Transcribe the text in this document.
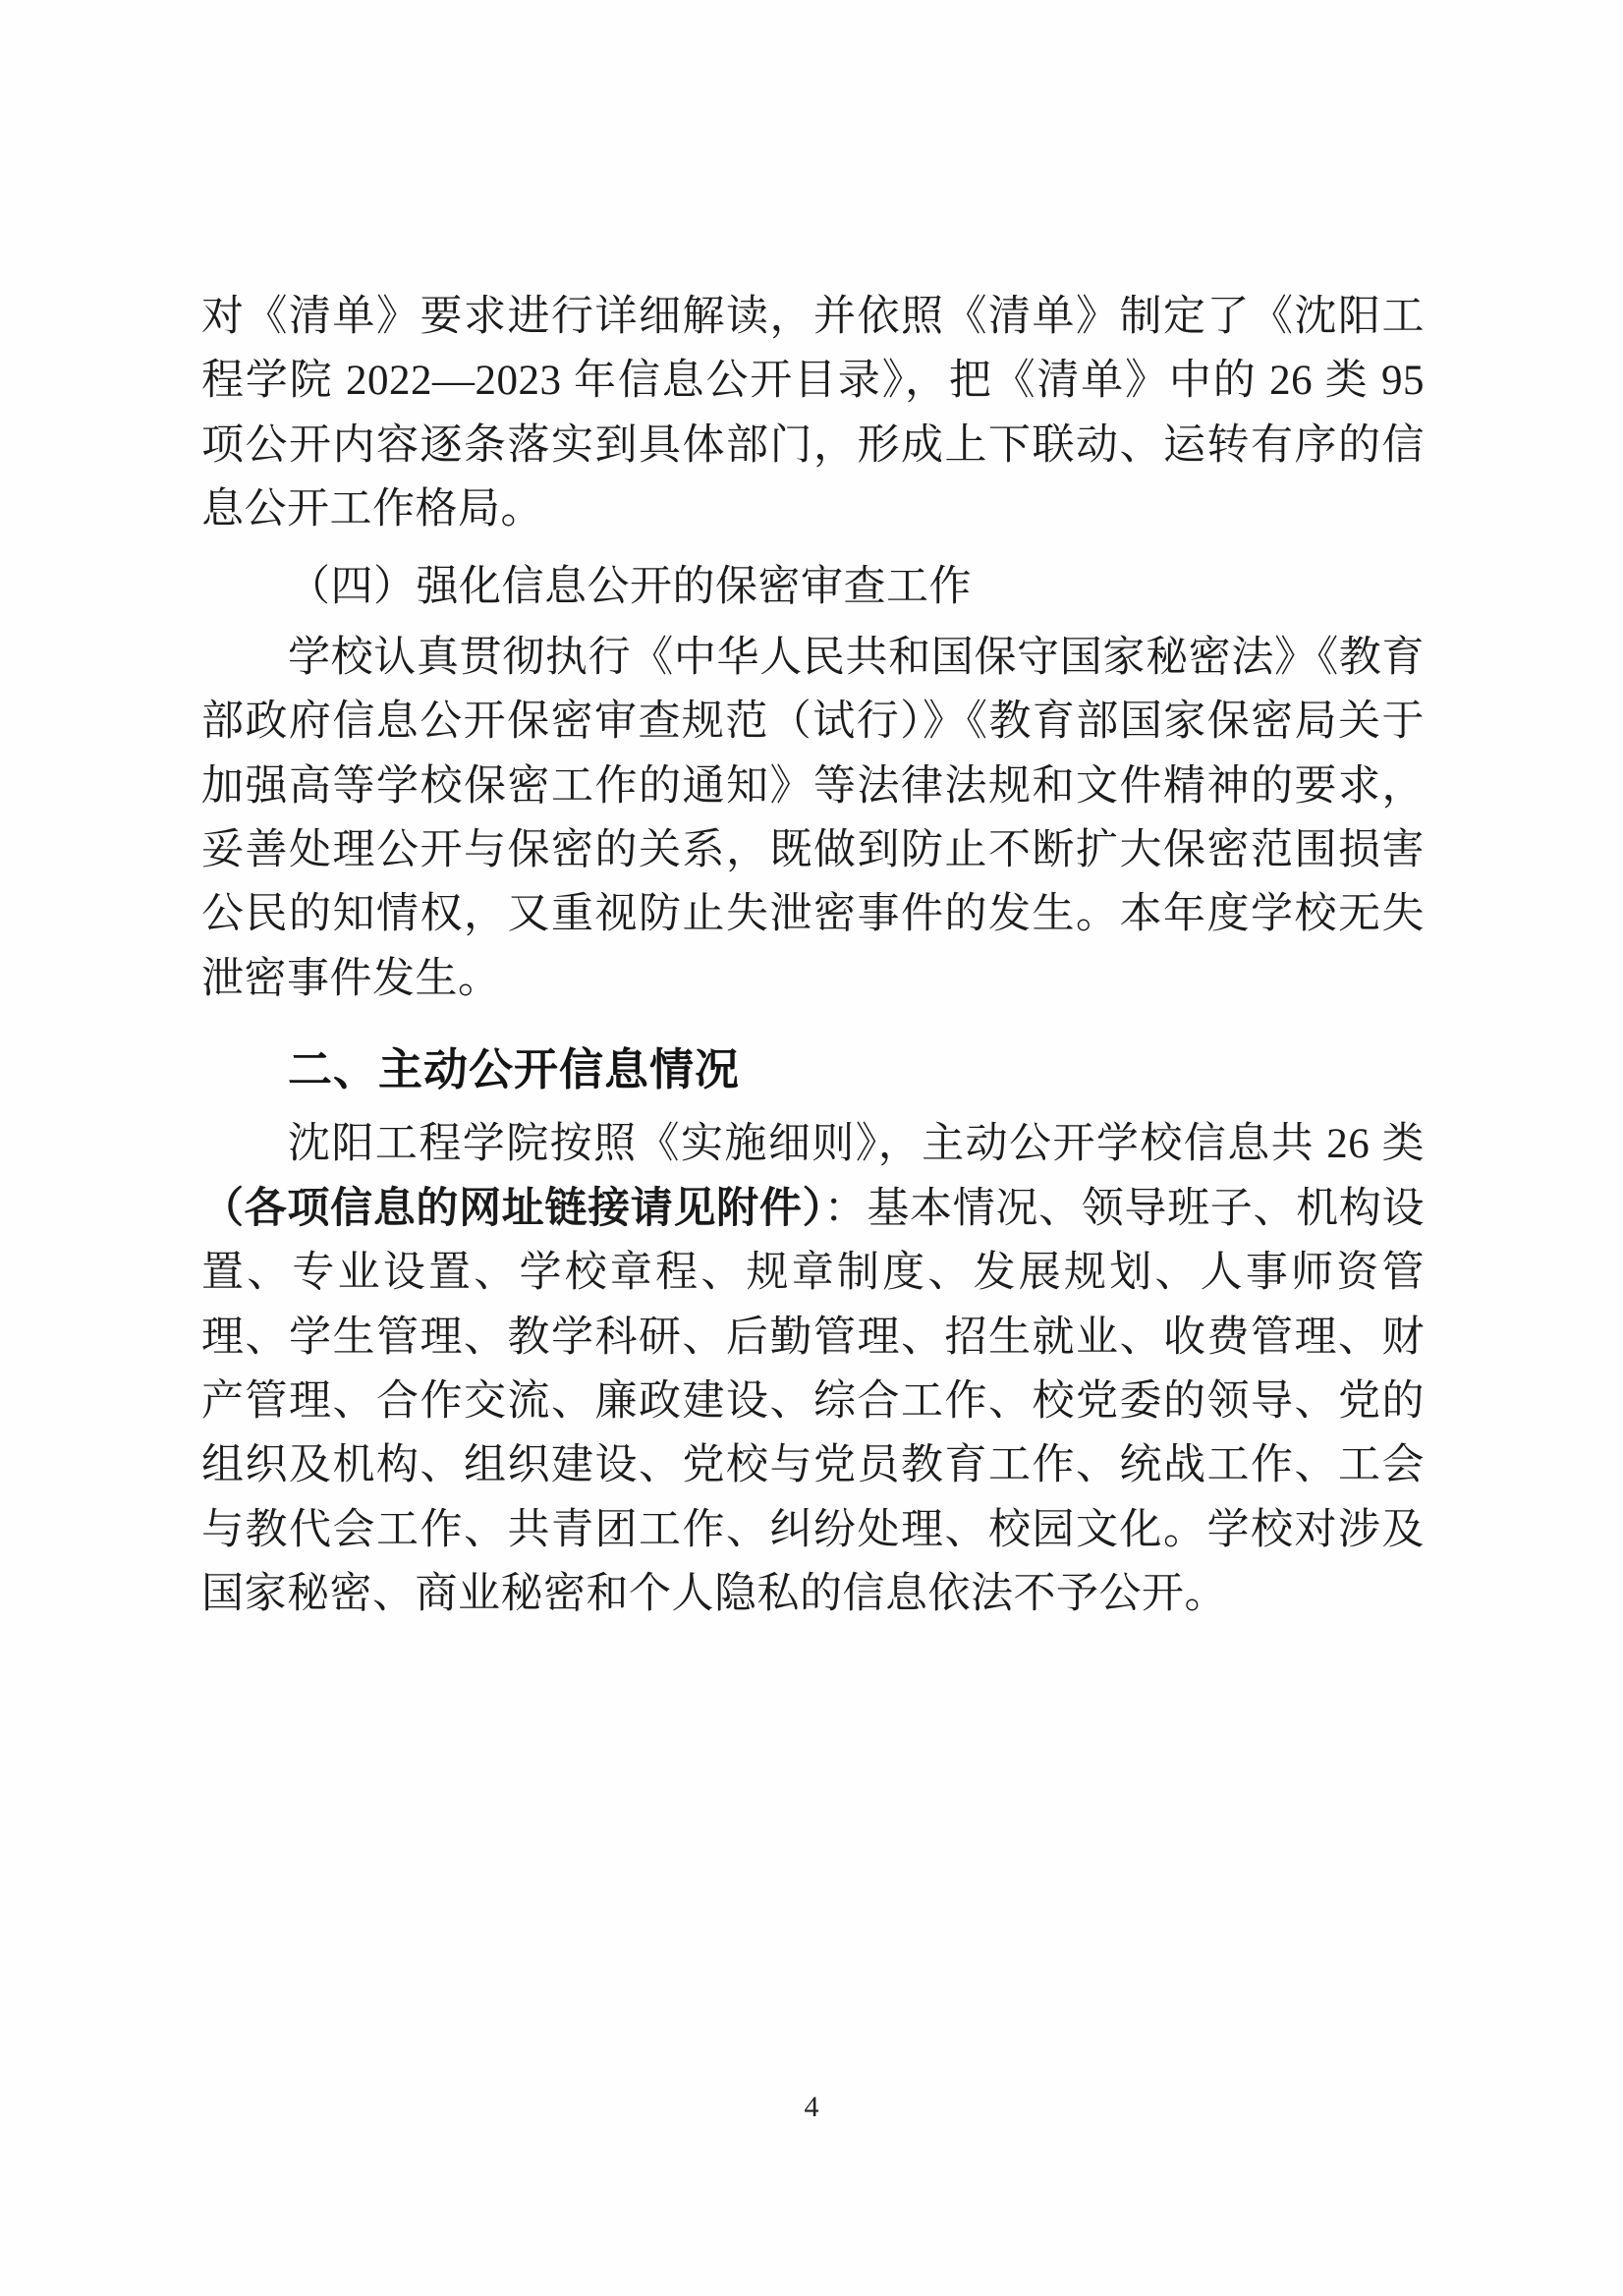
对《清单》要求进行详细解读，并依照《清单》制定了《沈阳工程学院 2022—2023 年信息公开目录》，把《清单》中的 26 类 95 项公开内容逐条落实到具体部门，形成上下联动、运转有序的信息公开工作格局。

（四）强化信息公开的保密审查工作

学校认真贯彻执行《中华人民共和国保守国家秘密法》《教育部政府信息公开保密审查规范（试行）》《教育部国家保密局关于加强高等学校保密工作的通知》等法律法规和文件精神的要求，妥善处理公开与保密的关系，既做到防止不断扩大保密范围损害公民的知情权，又重视防止失泄密事件的发生。本年度学校无失泄密事件发生。

二、主动公开信息情况

沈阳工程学院按照《实施细则》，主动公开学校信息共 26 类（各项信息的网址链接请见附件）：基本情况、领导班子、机构设置、专业设置、学校章程、规章制度、发展规划、人事师资管理、学生管理、教学科研、后勤管理、招生就业、收费管理、财产管理、合作交流、廉政建设、综合工作、校党委的领导、党的组织及机构、组织建设、党校与党员教育工作、统战工作、工会与教代会工作、共青团工作、纠纷处理、校园文化。学校对涉及国家秘密、商业秘密和个人隐私的信息依法不予公开。

4
